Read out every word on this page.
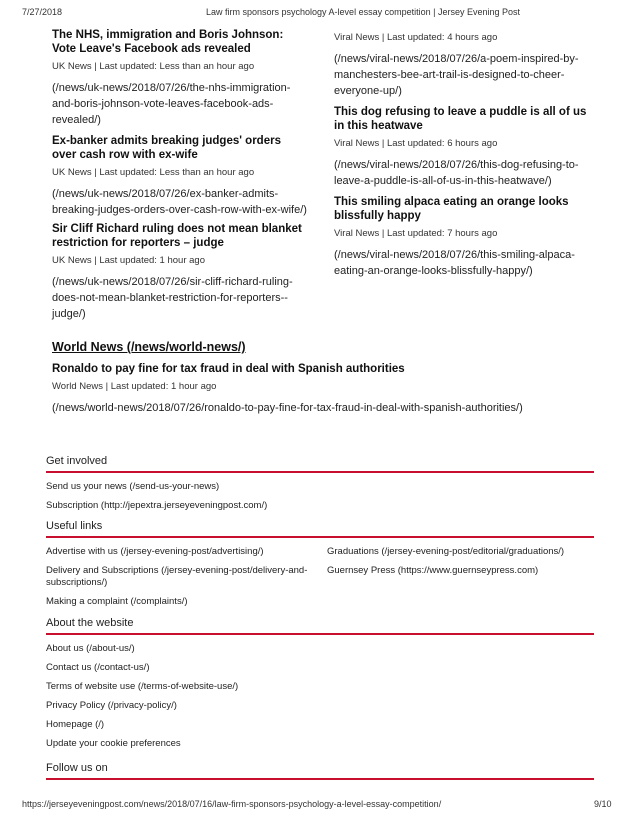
7/27/2018	Law firm sponsors psychology A-level essay competition | Jersey Evening Post
The NHS, immigration and Boris Johnson: Vote Leave's Facebook ads revealed
UK News | Last updated: Less than an hour ago
(/news/uk-news/2018/07/26/the-nhs-immigration-and-boris-johnson-vote-leaves-facebook-ads-revealed/)
Ex-banker admits breaking judges' orders over cash row with ex-wife
UK News | Last updated: Less than an hour ago
(/news/uk-news/2018/07/26/ex-banker-admits-breaking-judges-orders-over-cash-row-with-ex-wife/)
Sir Cliff Richard ruling does not mean blanket restriction for reporters – judge
UK News | Last updated: 1 hour ago
(/news/uk-news/2018/07/26/sir-cliff-richard-ruling-does-not-mean-blanket-restriction-for-reporters--judge/)
Viral News | Last updated: 4 hours ago
(/news/viral-news/2018/07/26/a-poem-inspired-by-manchesters-bee-art-trail-is-designed-to-cheer-everyone-up/)
This dog refusing to leave a puddle is all of us in this heatwave
Viral News | Last updated: 6 hours ago
(/news/viral-news/2018/07/26/this-dog-refusing-to-leave-a-puddle-is-all-of-us-in-this-heatwave/)
This smiling alpaca eating an orange looks blissfully happy
Viral News | Last updated: 7 hours ago
(/news/viral-news/2018/07/26/this-smiling-alpaca-eating-an-orange-looks-blissfully-happy/)
World News (/news/world-news/)
Ronaldo to pay fine for tax fraud in deal with Spanish authorities
World News | Last updated: 1 hour ago
(/news/world-news/2018/07/26/ronaldo-to-pay-fine-for-tax-fraud-in-deal-with-spanish-authorities/)
Get involved
Send us your news (/send-us-your-news)
Subscription (http://jepextra.jerseyeveningpost.com/)
Useful links
Advertise with us (/jersey-evening-post/advertising/)
Delivery and Subscriptions (/jersey-evening-post/delivery-and-subscriptions/)
Making a complaint (/complaints/)
Graduations (/jersey-evening-post/editorial/graduations/)
Guernsey Press (https://www.guernseypress.com)
About the website
About us (/about-us/)
Contact us (/contact-us/)
Terms of website use (/terms-of-website-use/)
Privacy Policy (/privacy-policy/)
Homepage (/)
Update your cookie preferences
Follow us on
https://jerseyeveningpost.com/news/2018/07/16/law-firm-sponsors-psychology-a-level-essay-competition/	9/10
